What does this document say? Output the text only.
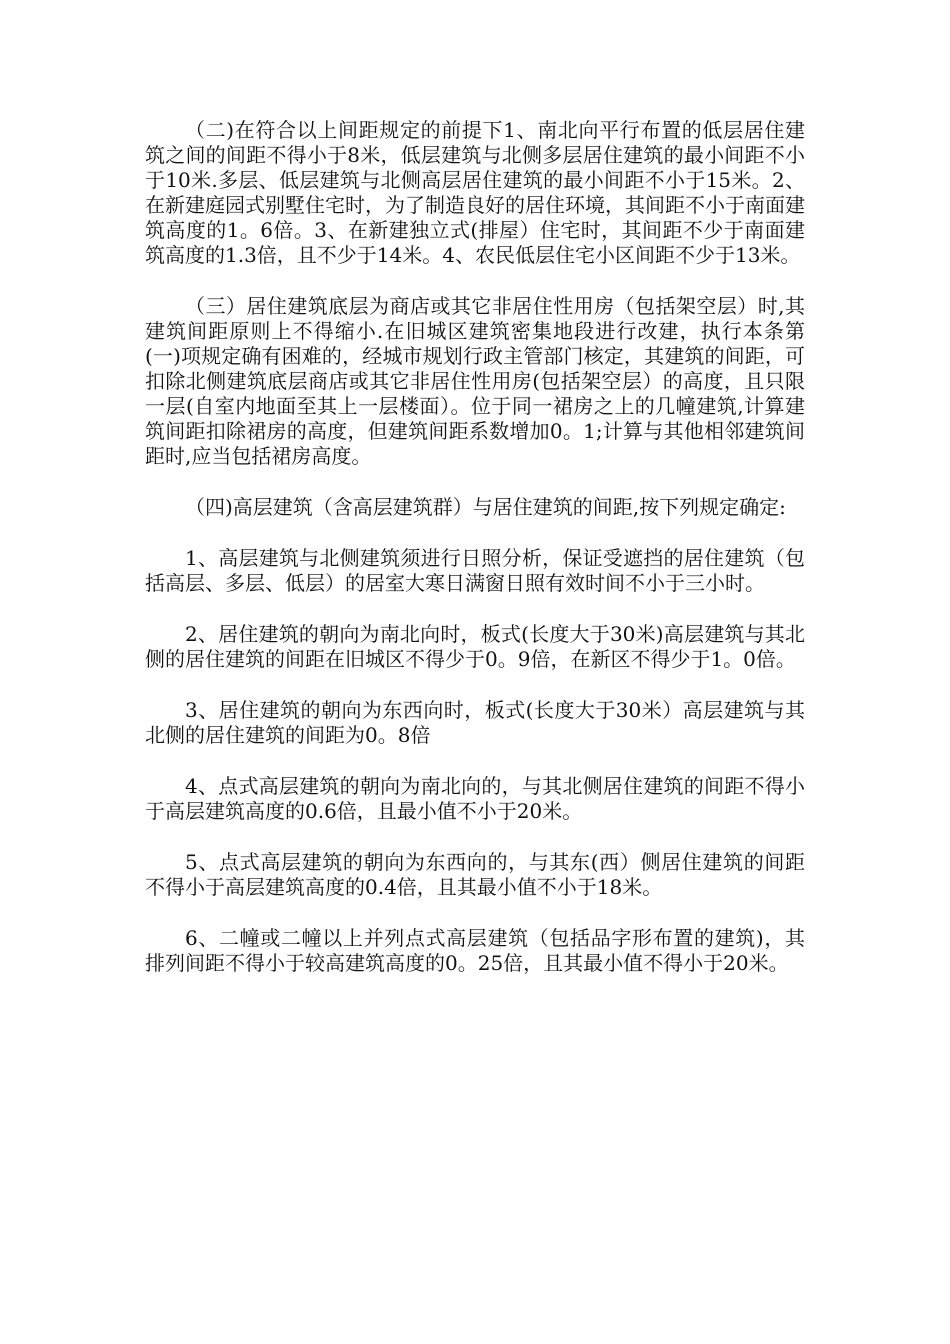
（二)在符合以上间距规定的前提下1、南北向平行布置的低层居住建筑之间的间距不得小于8米，低层建筑与北侧多层居住建筑的最小间距不小于10米.多层、低层建筑与北侧高层居住建筑的最小间距不小于15米。2、在新建庭园式别墅住宅时，为了制造良好的居住环境，其间距不小于南面建筑高度的1。6倍。3、在新建独立式(排屋）住宅时，其间距不少于南面建筑高度的1.3倍，且不少于14米。4、农民低层住宅小区间距不少于13米。

（三）居住建筑底层为商店或其它非居住性用房（包括架空层）时,其建筑间距原则上不得缩小.在旧城区建筑密集地段进行改建，执行本条第(一)项规定确有困难的，经城市规划行政主管部门核定，其建筑的间距，可扣除北侧建筑底层商店或其它非居住性用房(包括架空层）的高度，且只限一层(自室内地面至其上一层楼面）。位于同一裙房之上的几幢建筑,计算建筑间距扣除裙房的高度，但建筑间距系数增加0。1;计算与其他相邻建筑间距时,应当包括裙房高度。

（四)高层建筑（含高层建筑群）与居住建筑的间距,按下列规定确定:

1、高层建筑与北侧建筑须进行日照分析，保证受遮挡的居住建筑（包括高层、多层、低层）的居室大寒日满窗日照有效时间不小于三小时。

2、居住建筑的朝向为南北向时，板式(长度大于30米)高层建筑与其北侧的居住建筑的间距在旧城区不得少于0。9倍，在新区不得少于1。0倍。

3、居住建筑的朝向为东西向时，板式(长度大于30米）高层建筑与其北侧的居住建筑的间距为0。8倍

4、点式高层建筑的朝向为南北向的，与其北侧居住建筑的间距不得小于高层建筑高度的0.6倍，且最小值不小于20米。

5、点式高层建筑的朝向为东西向的，与其东(西）侧居住建筑的间距不得小于高层建筑高度的0.4倍，且其最小值不小于18米。

6、二幢或二幢以上并列点式高层建筑（包括品字形布置的建筑)，其排列间距不得小于较高建筑高度的0。25倍，且其最小值不得小于20米。
